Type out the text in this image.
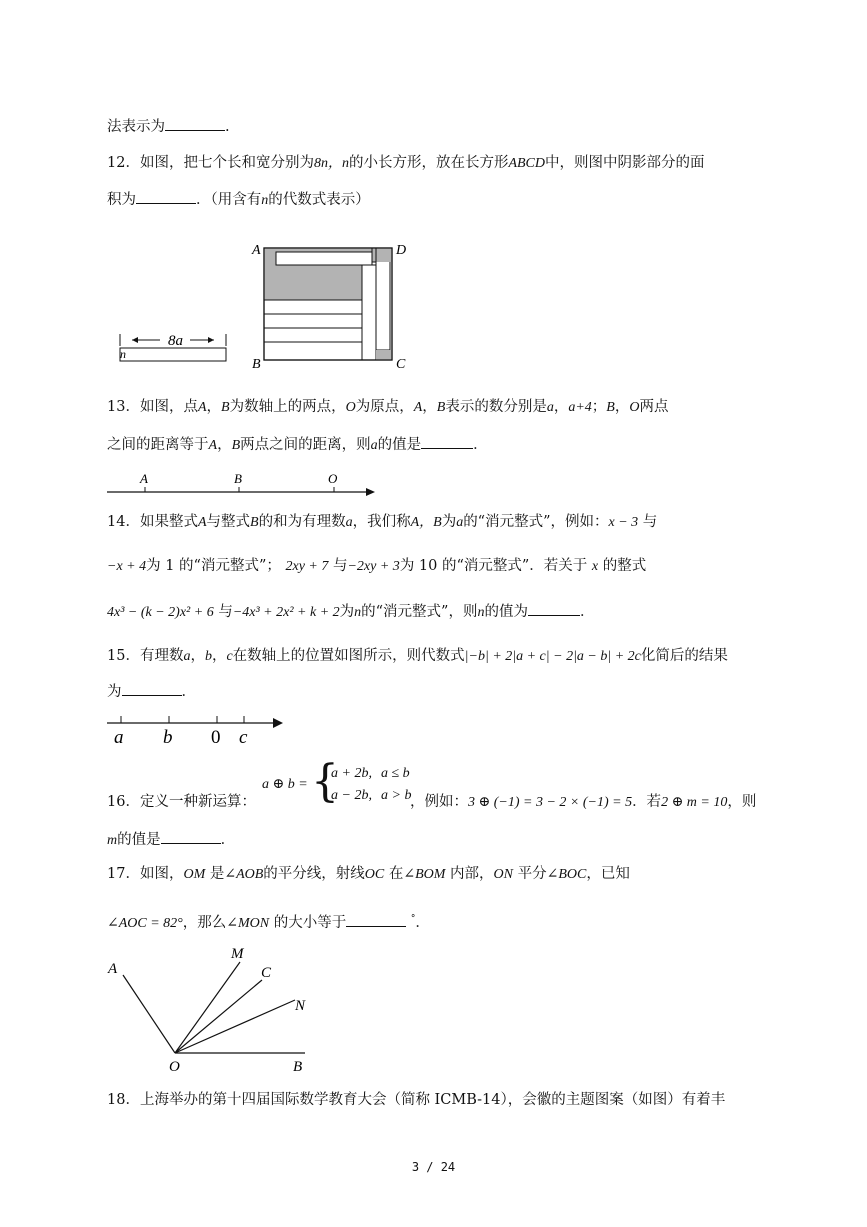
法表示为	.
12．如图，把七个长和宽分别为8n，n的小长方形，放在长方形ABCD中，则图中阴影部分的面
积为	．（用含有n的代数式表示）
8a
n
A	D
B	C
13．如图，点A，B为数轴上的两点，O为原点，A，B表示的数分别是a，a+4；B，O两点
之间的距离等于A，B两点之间的距离，则a的值是	．
A	B	O
14．如果整式A与整式B的和为有理数a，我们称A，B为a的“消元整式”，例如：x − 3 与
−x + 4为 1 的“消元整式”； 2xy + 7 与−2xy + 3为 10 的“消元整式”．若关于 x 的整式
4x³ − (k − 2)x² + 6 与−4x³ + 2x² + k + 2为n的“消元整式”，则n的值为	．
15．有理数a，b，c在数轴上的位置如图所示，则代数式|−b| + 2|a + c| − 2|a − b| + 2c化简后的结果
为	．
a b 0 c
16．定义一种新运算：
a ⊕ b = {
a + 2b, a ≤ b
a − 2b, a > b
，例如：3 ⊕ (−1) = 3 − 2 × (−1) = 5．若2 ⊕ m = 10，则
m的值是	．
17．如图，OM 是∠AOB的平分线，射线OC 在∠BOM 内部，ON 平分∠BOC，已知
∠AOC = 82°，那么∠MON 的大小等于	°．
A
M
C
N
O	B
18．上海举办的第十四届国际数学教育大会（简称 ICMB-14），会徽的主题图案（如图）有着丰
3 / 24
